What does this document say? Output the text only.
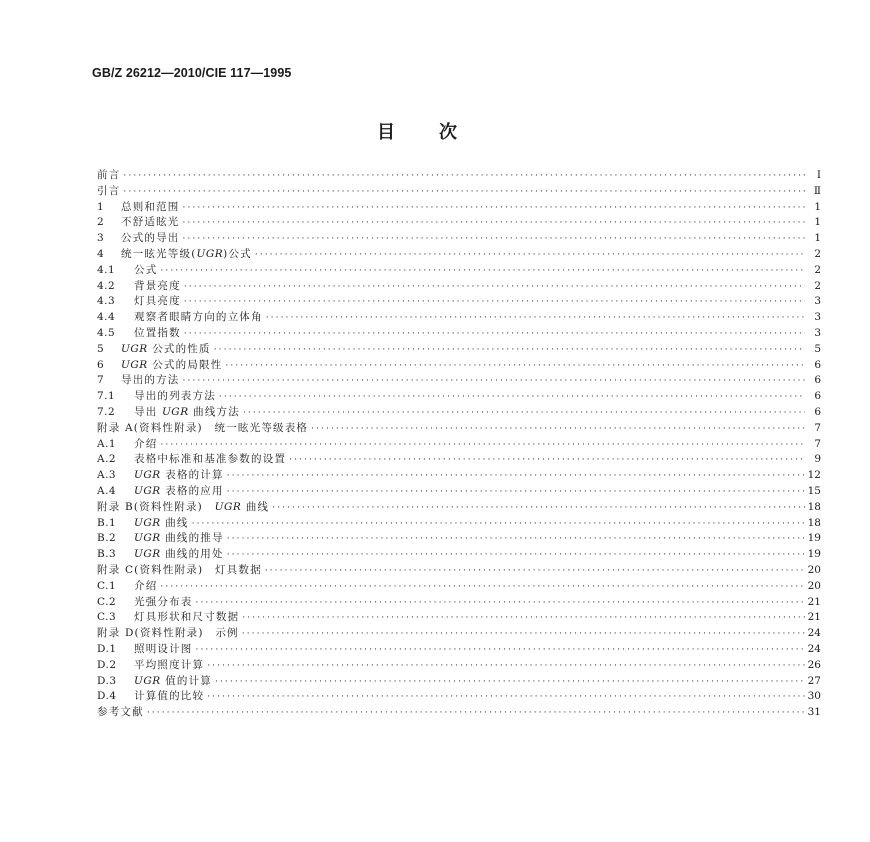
GB/Z 26212—2010/CIE 117—1995
目次
前言 ·····	Ⅰ
引言 ·····	Ⅱ
1	总则和范围 ·····	1
2	不舒适眩光 ·····	1
3	公式的导出 ·····	1
4	统一眩光等级(UGR)公式 ·····	2
4.1	公式 ·····	2
4.2	背景亮度 ·····	2
4.3	灯具亮度 ·····	3
4.4	观察者眼睛方向的立体角 ·····	3
4.5	位置指数 ·····	3
5	UGR 公式的性质 ·····	5
6	UGR 公式的局限性 ·····	6
7	导出的方法 ·····	6
7.1	导出的列表方法 ·····	6
7.2	导出 UGR 曲线方法 ·····	6
附录 A(资料性附录)　统一眩光等级表格 ·····	7
A.1	介绍 ·····	7
A.2	表格中标准和基准参数的设置 ·····	9
A.3	UGR 表格的计算 ·····	12
A.4	UGR 表格的应用 ·····	15
附录 B(资料性附录)　UGR 曲线 ·····	18
B.1	UGR 曲线 ·····	18
B.2	UGR 曲线的推导 ·····	19
B.3	UGR 曲线的用处 ·····	19
附录 C(资料性附录)　灯具数据 ·····	20
C.1	介绍 ·····	20
C.2	光强分布表 ·····	21
C.3	灯具形状和尺寸数据 ·····	21
附录 D(资料性附录)　示例 ·····	24
D.1	照明设计图 ·····	24
D.2	平均照度计算 ·····	26
D.3	UGR 值的计算 ·····	27
D.4	计算值的比较 ·····	30
参考文献 ·····	31
